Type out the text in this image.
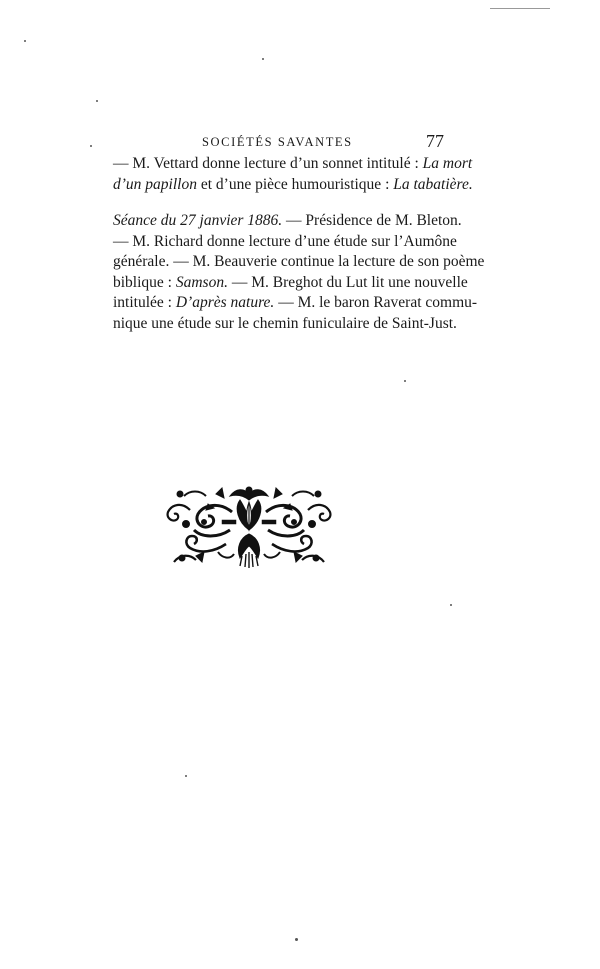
SOCIÉTÉS SAVANTES	77

— M. Vettard donne lecture d’un sonnet intitulé : La mort
d’un papillon et d’une pièce humouristique : La tabatière.

Séance du 27 janvier 1886. — Présidence de M. Bleton.
— M. Richard donne lecture d’une étude sur l’Aumône
générale. — M. Beauverie continue la lecture de son poème
biblique : Samson. — M. Breghot du Lut lit une nouvelle
intitulée : D’après nature. — M. le baron Raverat commu-
nique une étude sur le chemin funiculaire de Saint-Just.
